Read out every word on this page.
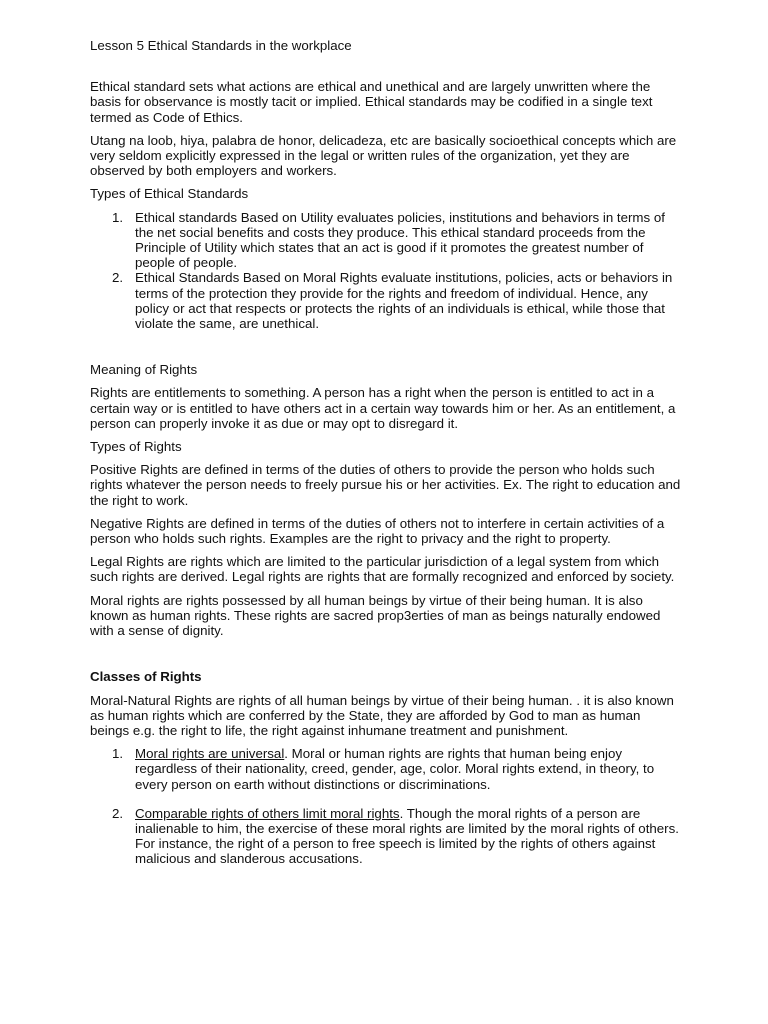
Lesson 5 Ethical Standards in the workplace

Ethical standard sets what actions are ethical and unethical and are largely unwritten where the basis for observance is mostly tacit or implied. Ethical standards may be codified in a single text termed as Code of Ethics.

Utang na loob, hiya, palabra de honor, delicadeza, etc are basically socioethical concepts which are very seldom explicitly expressed in the legal or written rules of the organization, yet they are observed by both employers and workers.

Types of Ethical Standards

1. Ethical standards Based on Utility evaluates policies, institutions and behaviors in terms of the net social benefits and costs they produce. This ethical standard proceeds from the Principle of Utility which states that an act is good if it promotes the greatest number of people of people.
2. Ethical Standards Based on Moral Rights evaluate institutions, policies, acts or behaviors in terms of the protection they provide for the rights and freedom of individual. Hence, any policy or act that respects or protects the rights of an individuals is ethical, while those that violate the same, are unethical.

Meaning of Rights

Rights are entitlements to something. A person has a right when the person is entitled to act in a certain way or is entitled to have others act in a certain way towards him or her. As an entitlement, a person can properly invoke it as due or may opt to disregard it.

Types of Rights

Positive Rights are defined in terms of the duties of others to provide the person who holds such rights whatever the person needs to freely pursue his or her activities. Ex. The right to education and the right to work.

Negative Rights are defined in terms of the duties of others not to interfere in certain activities of a person who holds such rights. Examples are the right to privacy and the right to property.

Legal Rights are rights which are limited to the particular jurisdiction of a legal system from which such rights are derived. Legal rights are rights that are formally recognized and enforced by society.

Moral rights are rights possessed by all human beings by virtue of their being human. It is also known as human rights. These rights are sacred prop3erties of man as beings naturally endowed with a sense of dignity.

Classes of Rights

Moral-Natural Rights are rights of all human beings by virtue of their being human. . it is also known as human rights which are conferred by the State, they are afforded by God to man as human beings e.g. the right to life, the right against inhumane treatment and punishment.

1. Moral rights are universal. Moral or human rights are rights that human being enjoy regardless of their nationality, creed, gender, age, color. Moral rights extend, in theory, to every person on earth without distinctions or discriminations.
2. Comparable rights of others limit moral rights. Though the moral rights of a person are inalienable to him, the exercise of these moral rights are limited by the moral rights of others. For instance, the right of a person to free speech is limited by the rights of others against malicious and slanderous accusations.
